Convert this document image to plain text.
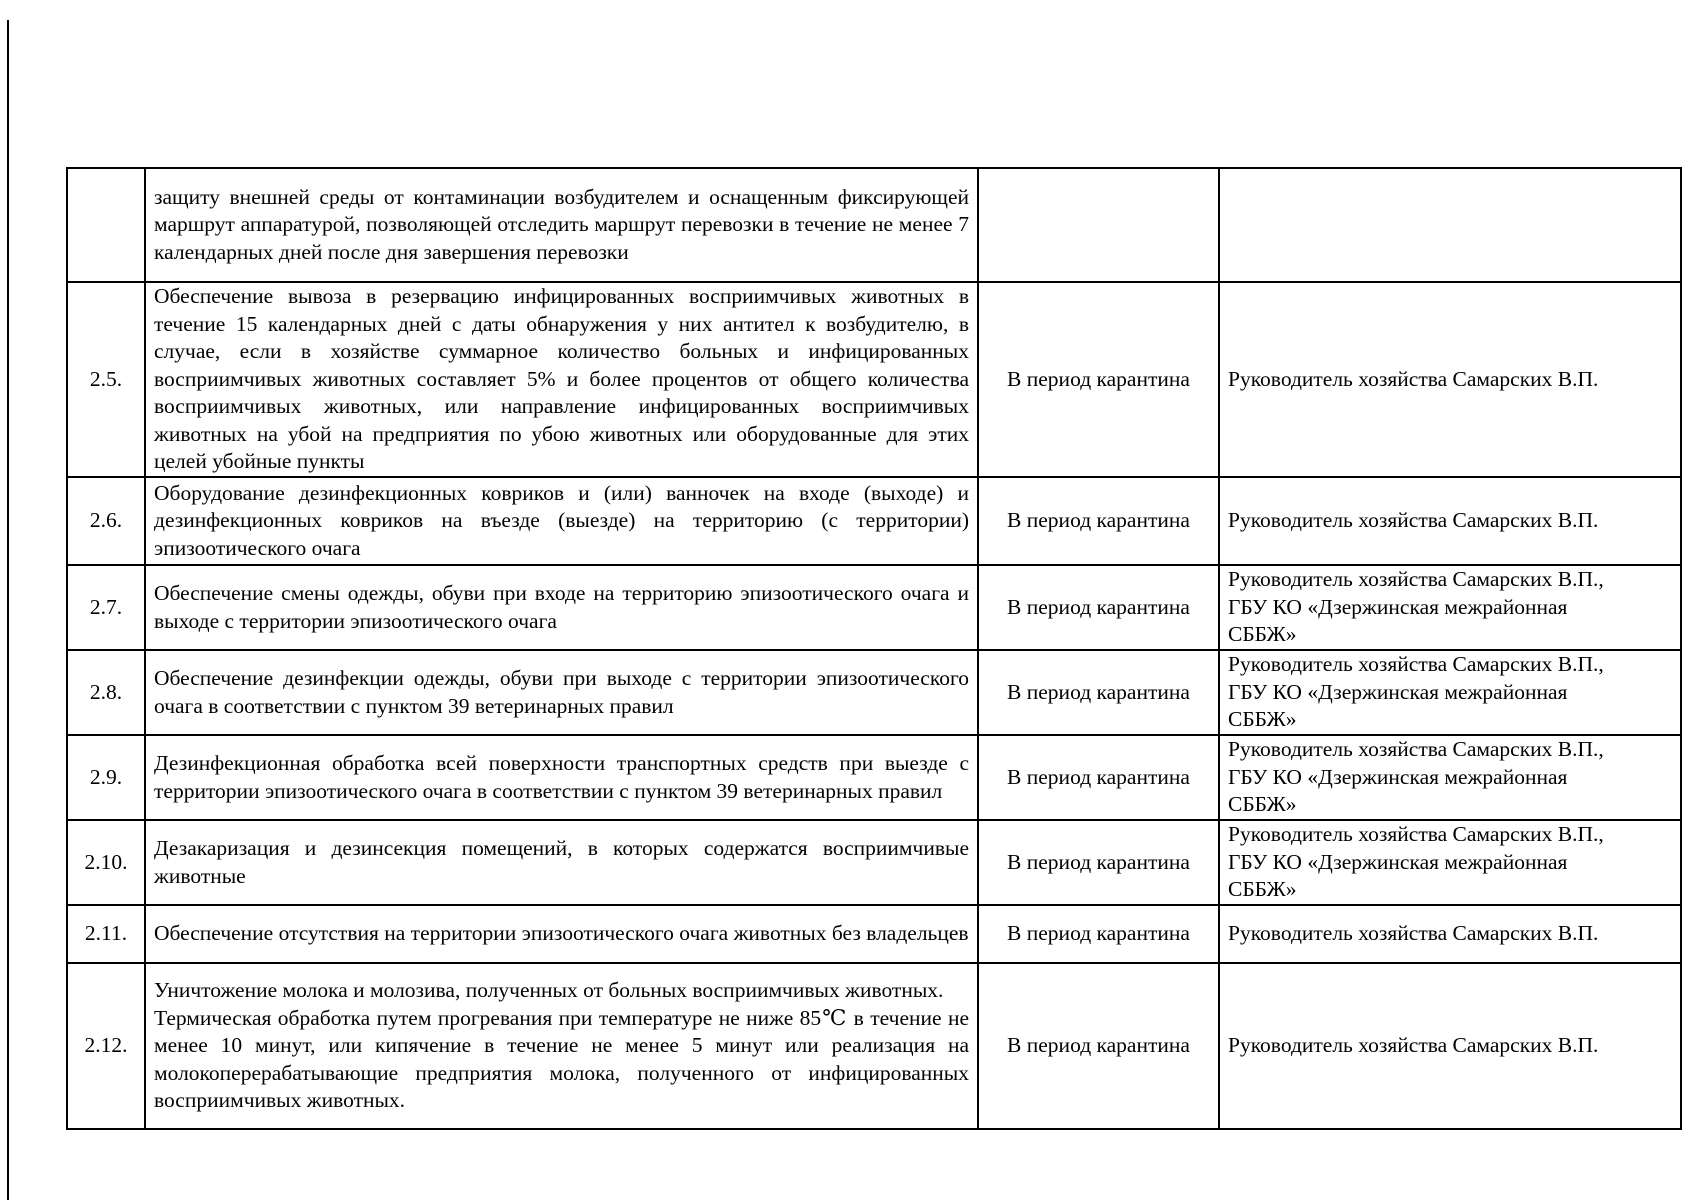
	защиту внешней среды от контаминации возбудителем и оснащенным фиксирующей маршрут аппаратурой, позволяющей отследить маршрут перевозки в течение не менее 7 календарных дней после дня завершения перевозки		

2.5.	Обеспечение вывоза в резервацию инфицированных восприимчивых животных в течение 15 календарных дней с даты обнаружения у них антител к возбудителю, в случае, если в хозяйстве суммарное количество больных и инфицированных восприимчивых животных составляет 5% и более процентов от общего количества восприимчивых животных, или направление инфицированных восприимчивых животных на убой на предприятия по убою животных или оборудованные для этих целей убойные пункты	В период карантина	Руководитель хозяйства Самарских В.П.

2.6.	Оборудование дезинфекционных ковриков и (или) ванночек на входе (выходе) и дезинфекционных ковриков на въезде (выезде) на территорию (с территории) эпизоотического очага	В период карантина	Руководитель хозяйства Самарских В.П.

2.7.	Обеспечение смены одежды, обуви при входе на территорию эпизоотического очага и выходе с территории эпизоотического очага	В период карантина	Руководитель хозяйства Самарских В.П.,
ГБУ КО «Дзержинская межрайонная
СББЖ»

2.8.	Обеспечение дезинфекции одежды, обуви при выходе с территории эпизоотического очага в соответствии с пунктом 39 ветеринарных правил	В период карантина	Руководитель хозяйства Самарских В.П.,
ГБУ КО «Дзержинская межрайонная
СББЖ»

2.9.	Дезинфекционная обработка всей поверхности транспортных средств при выезде с территории эпизоотического очага в соответствии с пунктом 39 ветеринарных правил	В период карантина	Руководитель хозяйства Самарских В.П.,
ГБУ КО «Дзержинская межрайонная
СББЖ»

2.10.	Дезакаризация и дезинсекция помещений, в которых содержатся восприимчивые животные	В период карантина	Руководитель хозяйства Самарских В.П.,
ГБУ КО «Дзержинская межрайонная
СББЖ»

2.11.	Обеспечение отсутствия на территории эпизоотического очага животных без владельцев	В период карантина	Руководитель хозяйства Самарских В.П.

2.12.	Уничтожение молока и молозива, полученных от больных восприимчивых животных.

Термическая обработка путем прогревания при температуре не ниже 85℃ в течение не менее 10 минут, или кипячение в течение не менее 5 минут или реализация на молокоперерабатывающие предприятия молока, полученного от инфицированных восприимчивых животных.	В период карантина	Руководитель хозяйства Самарских В.П.
